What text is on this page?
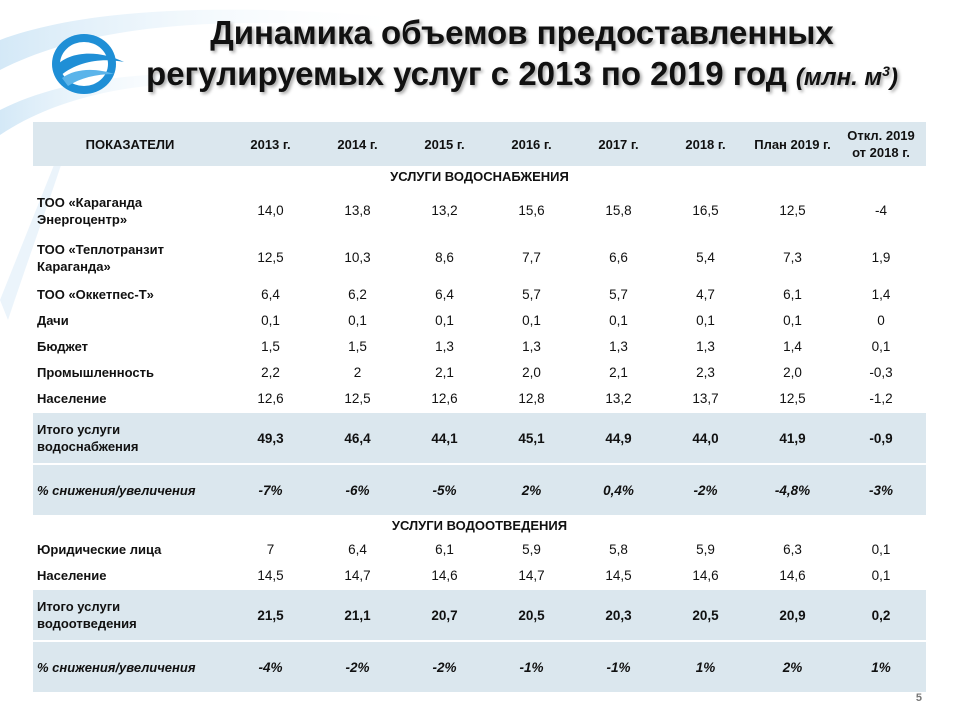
Динамика объемов предоставленных регулируемых услуг с 2013 по 2019 год (млн. $м^3$)
ПОКАЗАТЕЛИ	2013 г.	2014 г.	2015 г.	2016 г.	2017 г.	2018 г.	План 2019 г.	Откл. 2019 от 2018 г.
УСЛУГИ ВОДОСНАБЖЕНИЯ								
ТОО «Караганда Энергоцентр»	14,0	13,8	13,2	15,6	15,8	16,5	12,5	-4
ТОО «Теплотранзит Караганда»	12,5	10,3	8,6	7,7	6,6	5,4	7,3	1,9
ТОО «Оккетпес-Т»	6,4	6,2	6,4	5,7	5,7	4,7	6,1	1,4
Дачи	0,1	0,1	0,1	0,1	0,1	0,1	0,1	0
Бюджет	1,5	1,5	1,3	1,3	1,3	1,3	1,4	0,1
Промышленность	2,2	2	2,1	2,0	2,1	2,3	2,0	-0,3
Население	12,6	12,5	12,6	12,8	13,2	13,7	12,5	-1,2

Итого услуги водоснабжения	49,3	46,4	44,1	45,1	44,9	44,0	41,9	-0,9

% снижения/увеличения	-7%	-6%	-5%	2%	0,4%	-2%	-4,8%	-3%
УСЛУГИ ВОДООТВЕДЕНИЯ								
Юридические лица	7	6,4	6,1	5,9	5,8	5,9	6,3	0,1
Население	14,5	14,7	14,6	14,7	14,5	14,6	14,6	0,1

Итого услуги водоотведения	21,5	21,1	20,7	20,5	20,3	20,5	20,9	0,2

% снижения/увеличения	-4%	-2%	-2%	-1%	-1%	1%	2%	1%
5
